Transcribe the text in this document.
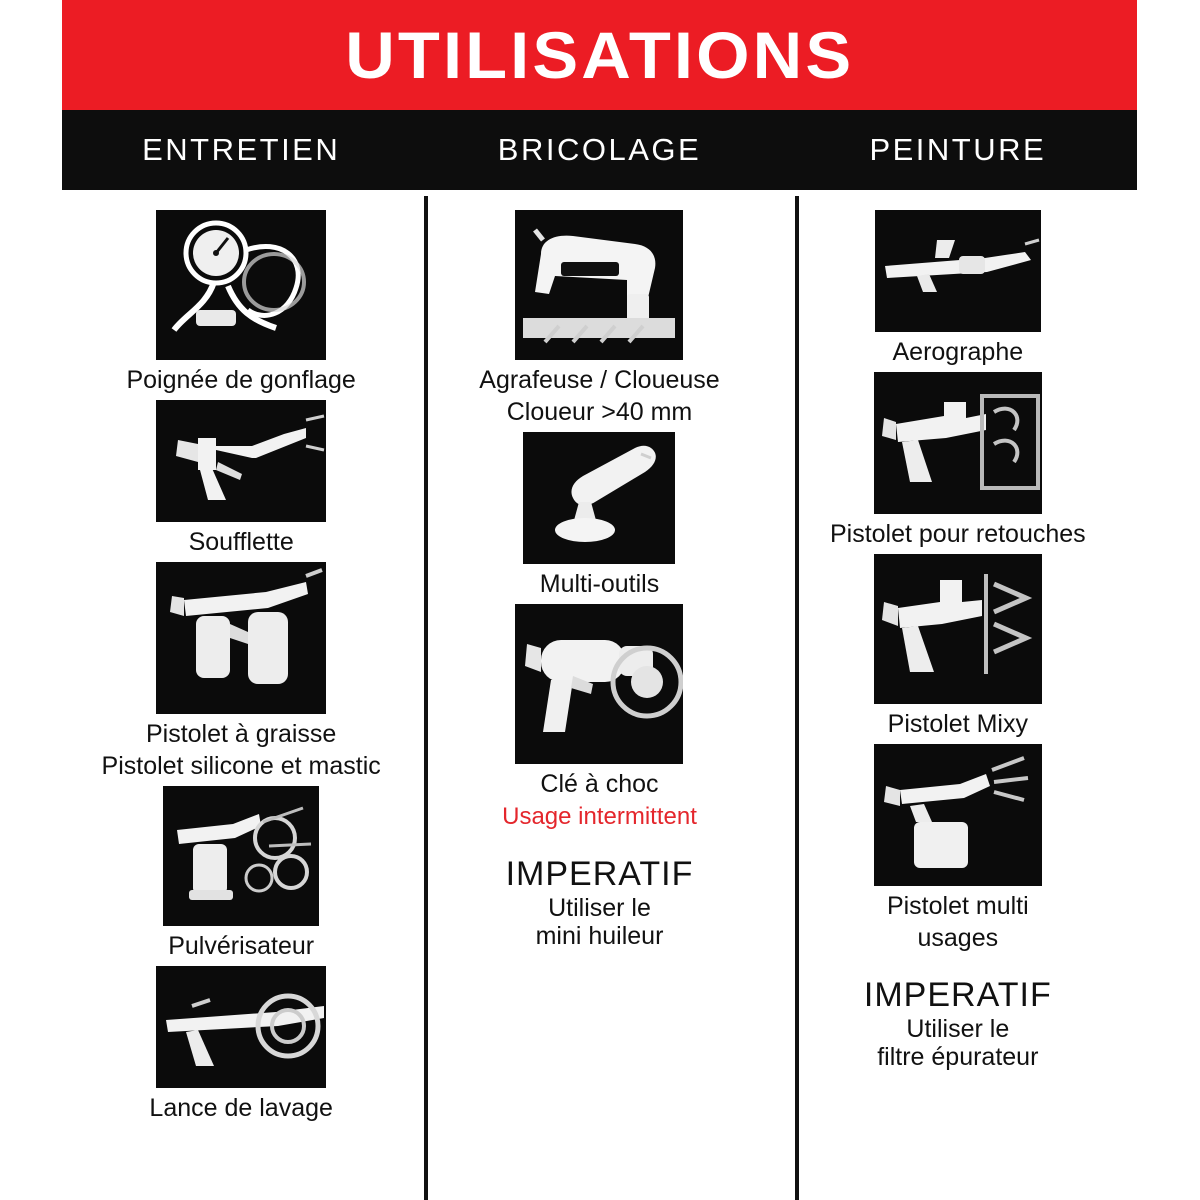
UTILISATIONS
ENTRETIEN	BRICOLAGE	PEINTURE
Poignée de gonflage
Soufflette
Pistolet à graisse
Pistolet silicone et mastic
Pulvérisateur
Lance de lavage
Agrafeuse / Cloueuse
Cloueur >40 mm
Multi-outils
Clé à choc
Usage intermittent
IMPERATIF
Utiliser le
mini huileur
Aerographe
Pistolet pour retouches
Pistolet Mixy
Pistolet multi
usages
IMPERATIF
Utiliser le
filtre épurateur
